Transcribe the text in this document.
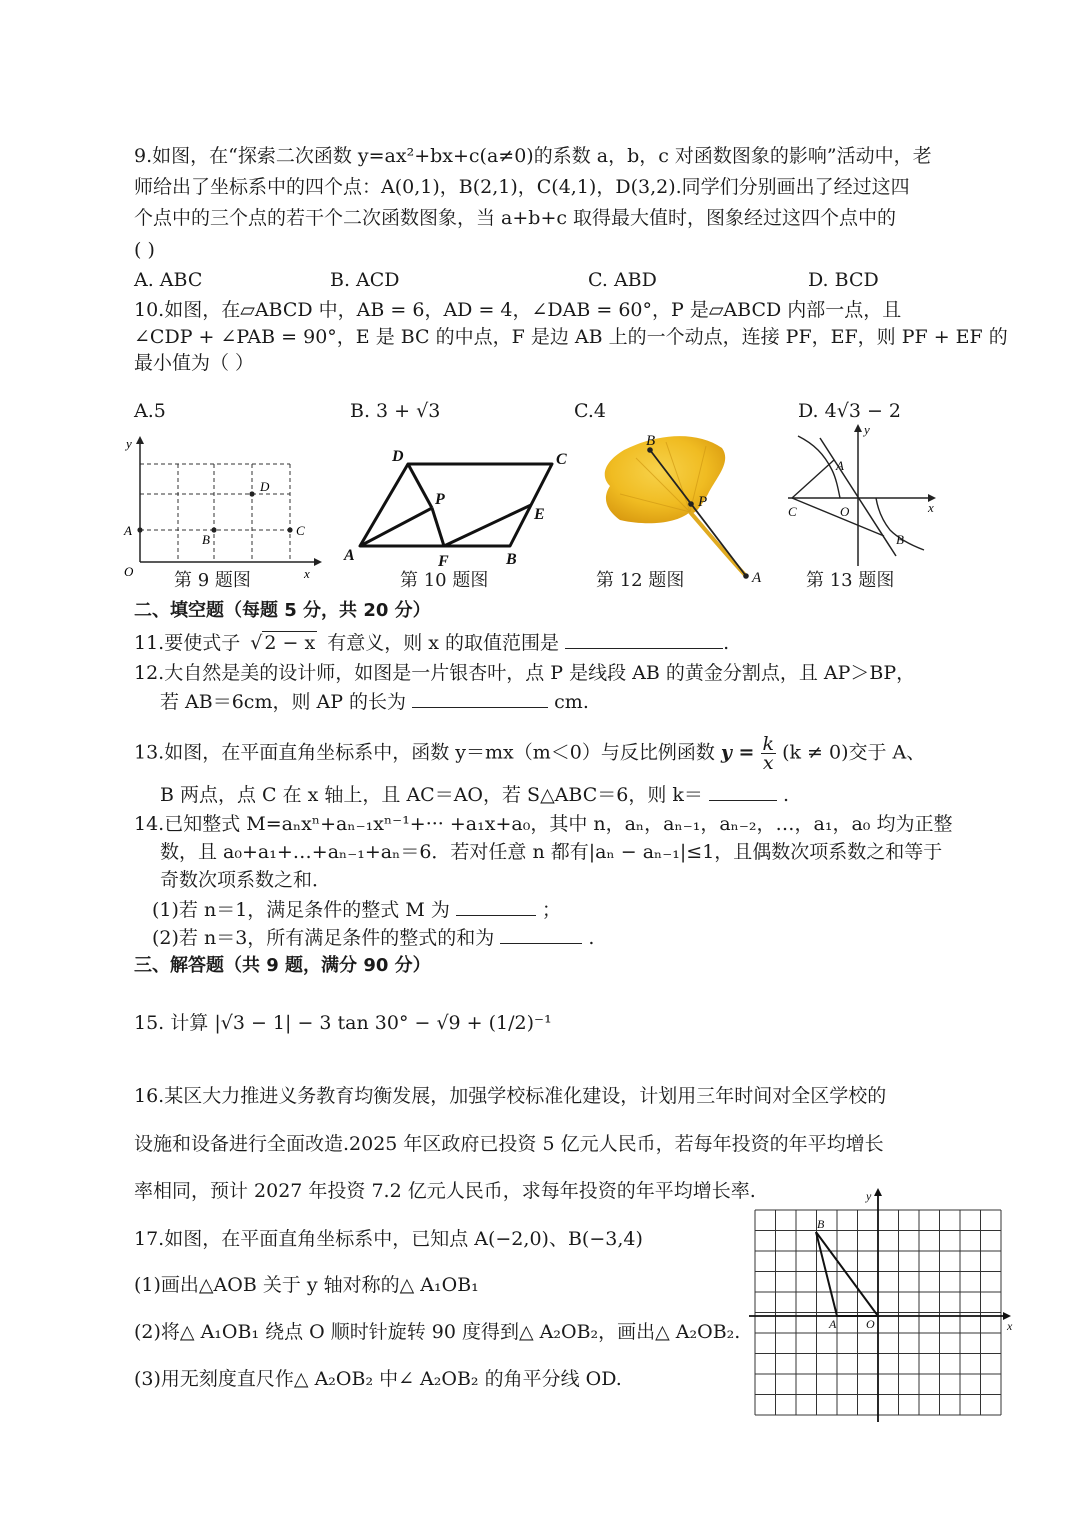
9.如图，在“探索二次函数 y=ax²+bx+c(a≠0)的系数 a，b，c 对函数图象的影响”活动中，老
师给出了坐标系中的四个点：A(0,1)，B(2,1)，C(4,1)，D(3,2).同学们分别画出了经过这四
个点中的三个点的若干个二次函数图象，当 a+b+c 取得最大值时，图象经过这四个点中的
( )
A. ABC	B. ACD	C. ABD	D. BCD
10.如图，在▱ABCD 中，AB = 6，AD = 4，∠DAB = 60°，P 是▱ABCD 内部一点，且
∠CDP + ∠PAB = 90°，E 是 BC 的中点，F 是边 AB 上的一个动点，连接 PF，EF，则 PF + EF 的
最小值为（ ）
A.5	B. 3 + √3	C.4	D. 4√3 − 2
y
x
O
A
B
C
D
第 9 题图
D	C
P
E
A	F	B
第 10 题图
B
P
A
第 12 题图
y
x
O
A
B
C
第 13 题图
二、填空题（每题 5 分，共 20 分）
11.要使式子 √ 2 − x 有意义，则 x 的取值范围是	.
12.大自然是美的设计师，如图是一片银杏叶，点 P 是线段 AB 的黄金分割点，且 AP＞BP，
若 AB＝6cm，则 AP 的长为	cm.
13.如图，在平面直角坐标系中，函数 y＝mx（m＜0）与反比例函数 $y = \frac{k}{x} (k \ne 0)$交于 A、
B 两点，点 C 在 x 轴上，且 AC＝AO，若 S△ABC＝6，则 k＝	.
14.已知整式 M=aₙxⁿ+aₙ₋₁xⁿ⁻¹+··· +a₁x+a₀，其中 n，aₙ，aₙ₋₁，aₙ₋₂，…，a₁，a₀ 均为正整
数，且 a₀+a₁+…+aₙ₋₁+aₙ＝6．若对任意 n 都有|aₙ − aₙ₋₁|≤1，且偶数次项系数之和等于
奇数次项系数之和．
(1)若 n＝1，满足条件的整式 M 为	；
(2)若 n＝3，所有满足条件的整式的和为	.
三、解答题（共 9 题，满分 90 分）
15. 计算 |√3 − 1| − 3 tan 30° − √9 + (1/2)⁻¹
16.某区大力推进义务教育均衡发展，加强学校标准化建设，计划用三年时间对全区学校的
设施和设备进行全面改造.2025 年区政府已投资 5 亿元人民币，若每年投资的年平均增长
率相同，预计 2027 年投资 7.2 亿元人民币，求每年投资的年平均增长率.
17.如图，在平面直角坐标系中，已知点 A(−2,0)、B(−3,4)
(1)画出△AOB 关于 y 轴对称的△ A₁OB₁
(2)将△ A₁OB₁ 绕点 O 顺时针旋转 90 度得到△ A₂OB₂，画出△ A₂OB₂.
(3)用无刻度直尺作△ A₂OB₂ 中∠ A₂OB₂ 的角平分线 OD.
y
x
O
A
B
